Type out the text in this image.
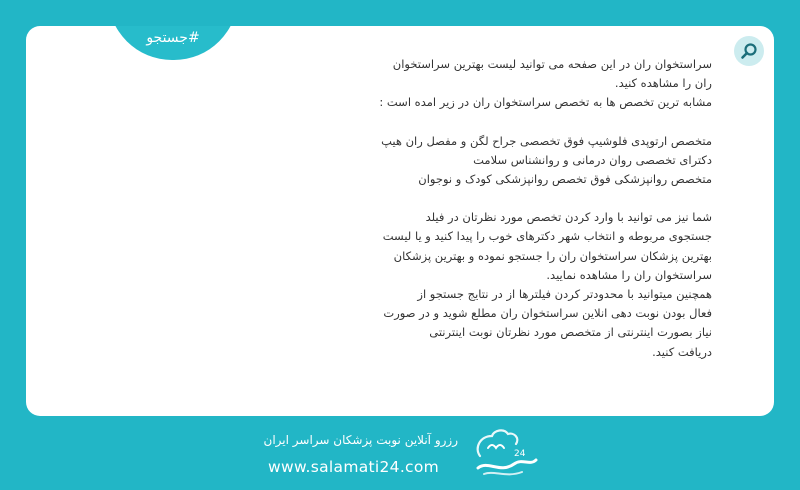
#جستجو

سراستخوان ران در این صفحه می توانید لیست بهترین سراستخوان

ران را مشاهده کنید.

مشابه ترین تخصص ها به تخصص سراستخوان ران در زیر امده است :

متخصص ارتوپدی فلوشیپ فوق تخصصی جراح لگن و مفصل ران هیپ

دکترای تخصصی روان درمانی و روانشناس سلامت

متخصص روانپزشکی فوق تخصص روانپزشکی کودک و نوجوان

شما نیز می توانید با وارد کردن تخصص مورد نظرتان در فیلد

جستجوی مربوطه و انتخاب شهر دکترهای خوب را پیدا کنید و یا لیست

بهترین پزشکان سراستخوان ران را جستجو نموده و بهترین پزشکان

سراستخوان ران را مشاهده نمایید.

همچنین میتوانید با محدودتر کردن فیلترها از در نتایج جستجو از

فعال بودن نوبت دهی انلاین سراستخوان ران مطلع شوید و در صورت

نیاز بصورت اینترنتی از متخصص مورد نظرتان نوبت اینترنتی

دریافت کنید.

رزرو آنلاین نوبت پزشکان سراسر ایران
www.salamati24.com
24
